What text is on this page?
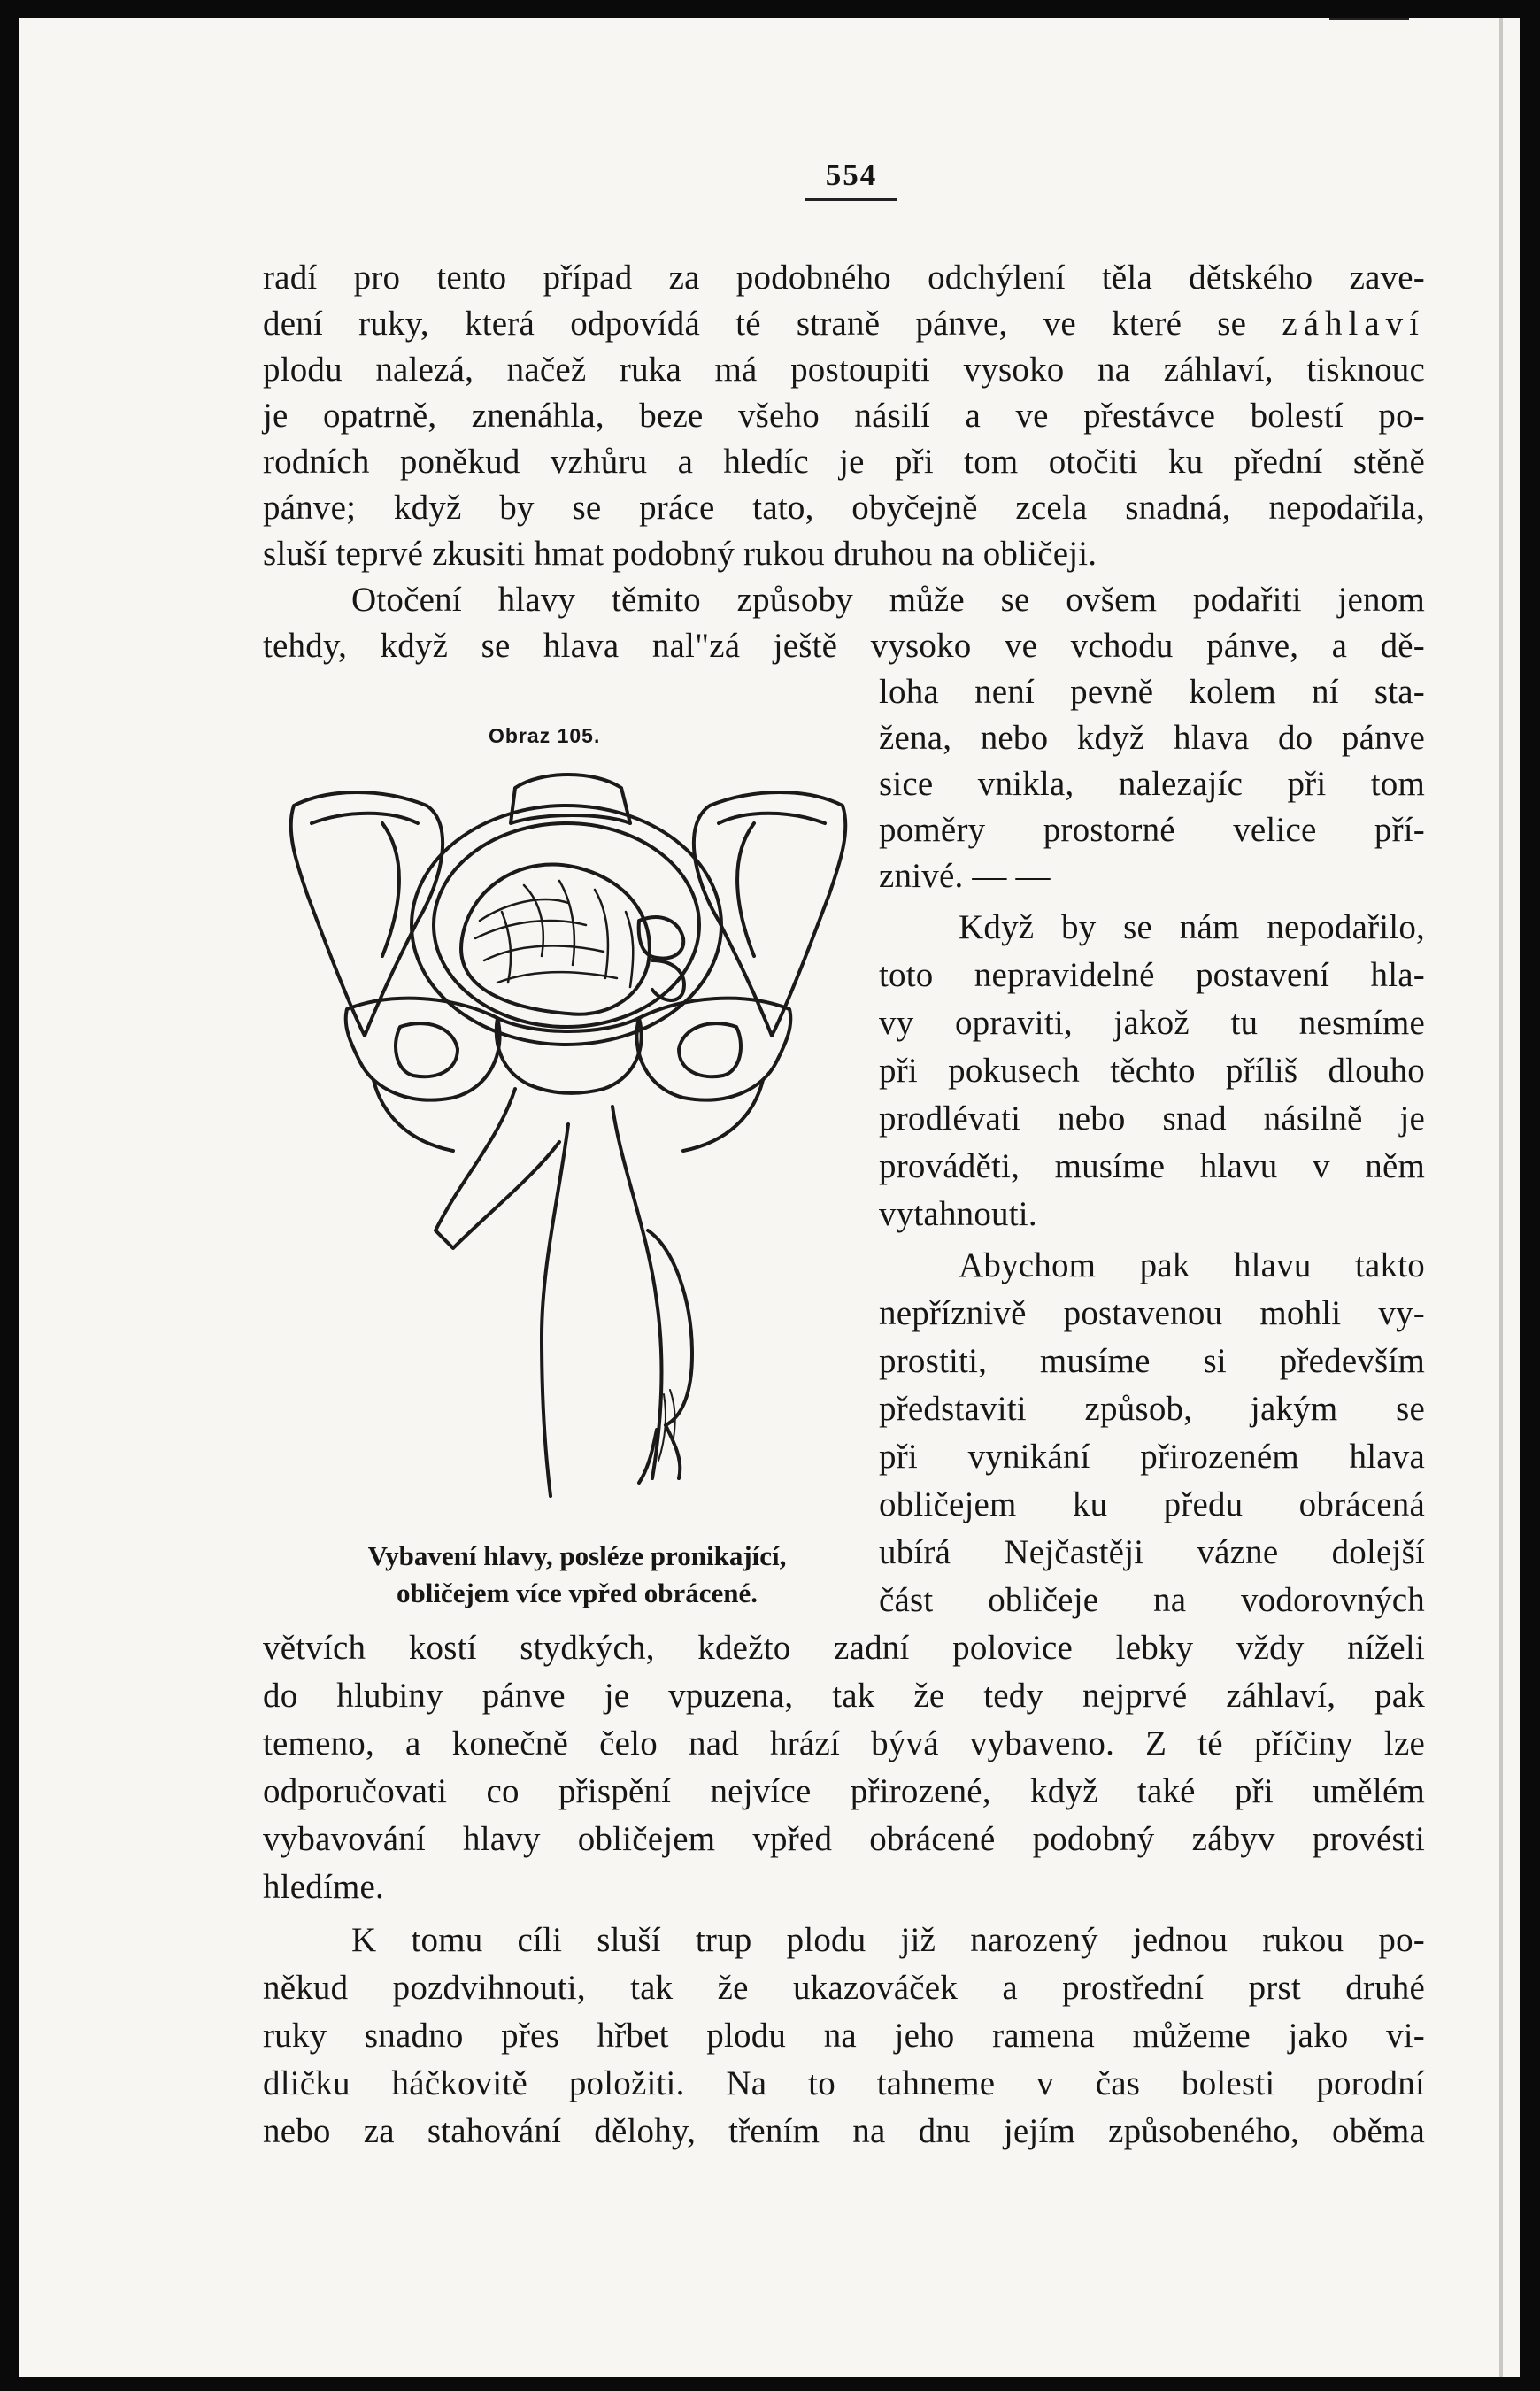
554
radí pro tento případ za podobného odchýlení těla dětského zave-
dení ruky, která odpovídá té straně pánve, ve které se záhlaví
plodu nalezá, načež ruka má postoupiti vysoko na záhlaví, tisknouc
je opatrně, znenáhla, beze všeho násilí a ve přestávce bolestí po-
rodních poněkud vzhůru a hledíc je při tom otočiti ku přední stěně
pánve; když by se práce tato, obyčejně zcela snadná, nepodařila,
sluší teprvé zkusiti hmat podobný rukou druhou na obličeji.
Otočení hlavy těmito způsoby může se ovšem podařiti jenom
tehdy, když se hlava nal"zá ještě vysoko ve vchodu pánve, a dě-
loha není pevně kolem ní sta-
žena, nebo když hlava do pánve
sice vnikla, nalezajíc při tom
poměry prostorné velice pří-
znivé. — —
Když by se nám nepodařilo,
toto nepravidelné postavení hla-
vy opraviti, jakož tu nesmíme
při pokusech těchto příliš dlouho
prodlévati nebo snad násilně je
prováděti, musíme hlavu v něm
vytahnouti.
Abychom pak hlavu takto
nepříznivě postavenou mohli vy-
prostiti, musíme si především
představiti způsob, jakým se
při vynikání přirozeném hlava
obličejem ku předu obrácená
ubírá Nejčastěji vázne dolejší
část obličeje na vodorovných
větvích kostí stydkých, kdežto zadní polovice lebky vždy níželi
do hlubiny pánve je vpuzena, tak že tedy nejprvé záhlaví, pak
temeno, a konečně čelo nad hrází bývá vybaveno. Z té příčiny lze
odporučovati co přispění nejvíce přirozené, když také při umělém
vybavování hlavy obličejem vpřed obrácené podobný zábyv provésti
hledíme.
K tomu cíli sluší trup plodu již narozený jednou rukou po-
někud pozdvihnouti, tak že ukazováček a prostřední prst druhé
ruky snadno přes hřbet plodu na jeho ramena můžeme jako vi-
dličku háčkovitě položiti. Na to tahneme v čas bolesti porodní
nebo za stahování dělohy, třením na dnu jejím způsobeného, oběma
Obraz 105.
Vybavení hlavy, posléze pronikající,
obličejem více vpřed obrácené.
